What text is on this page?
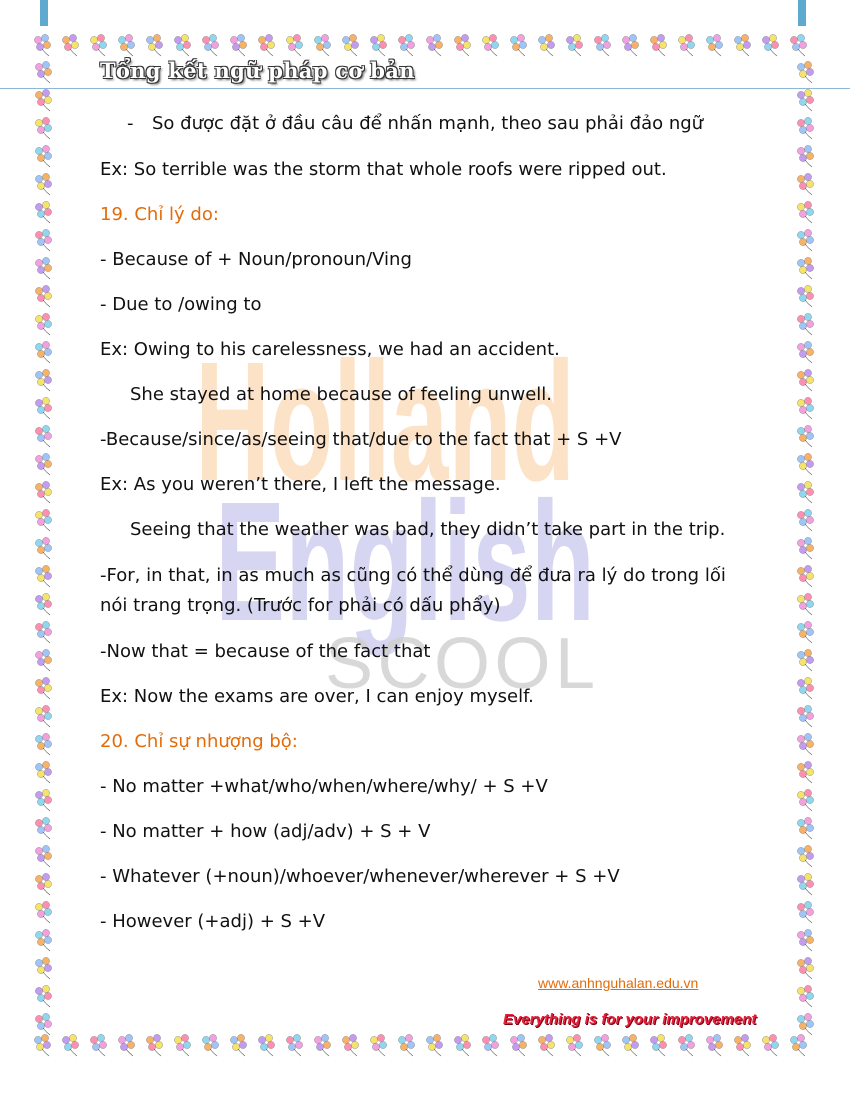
Tổng kết ngữ pháp cơ bản
Holland
English
S C O O L
- So được đặt ở đầu câu để nhấn mạnh, theo sau phải đảo ngữ
Ex: So terrible was the storm that whole roofs were ripped out.
19. Chỉ lý do:
- Because of + Noun/pronoun/Ving
- Due to /owing to
Ex: Owing to his carelessness, we had an accident.
She stayed at home because of feeling unwell.
-Because/since/as/seeing that/due to the fact that + S +V
Ex: As you weren’t there, I left the message.
Seeing that the weather was bad, they didn’t take part in the trip.
-For, in that, in as much as cũng có thể dùng để đưa ra lý do trong lối
nói trang trọng. (Trước for phải có dấu phẩy)
-Now that = because of the fact that
Ex: Now the exams are over, I can enjoy myself.
20. Chỉ sự nhượng bộ:
- No matter +what/who/when/where/why/ + S +V
- No matter + how (adj/adv) + S + V
- Whatever (+noun)/whoever/whenever/wherever + S +V
- However (+adj) + S +V
www.anhnguhalan.edu.vn
Everything is for your improvement
